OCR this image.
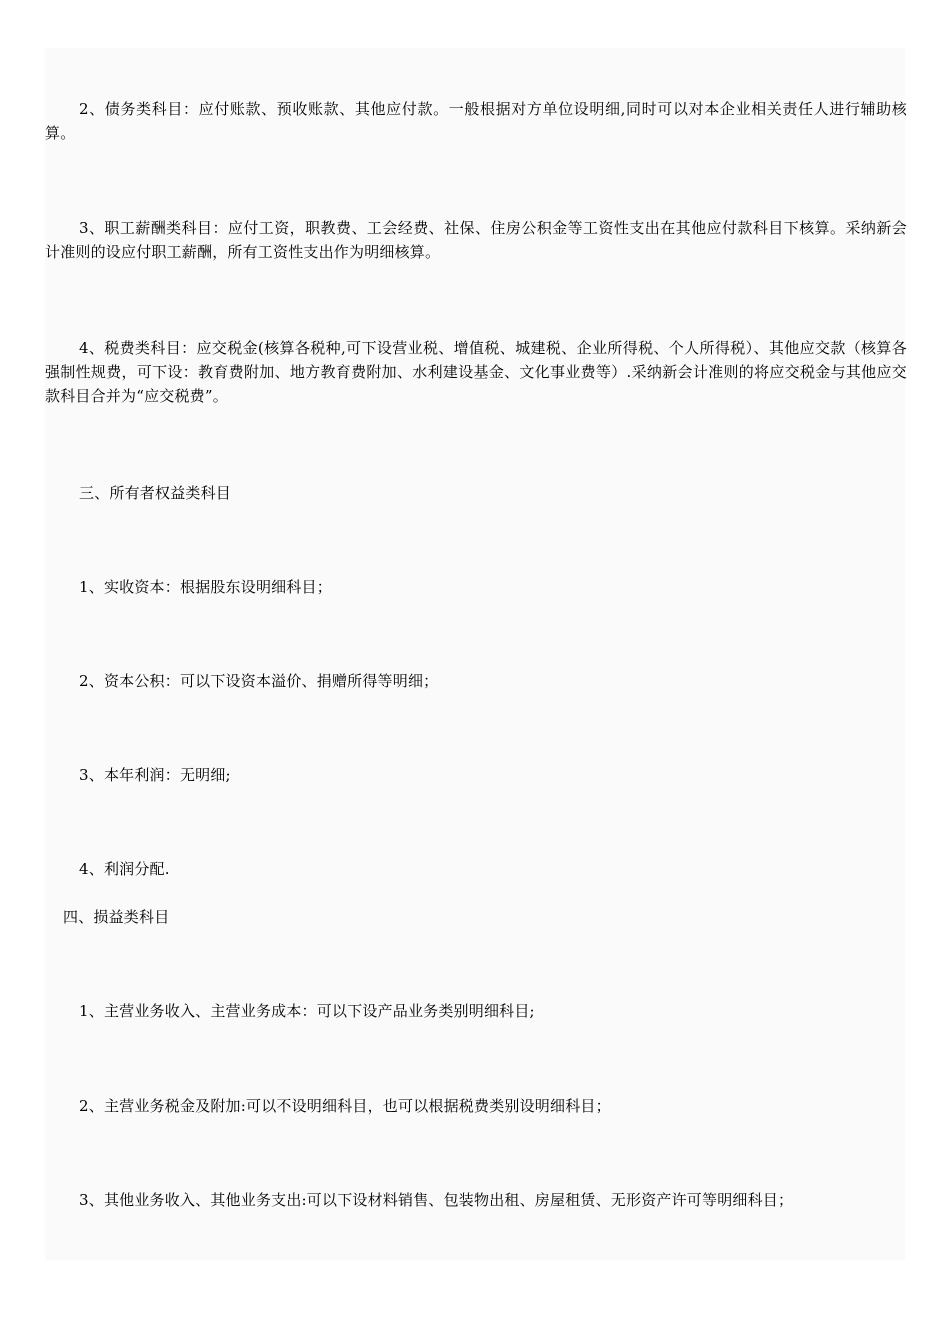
2、债务类科目：应付账款、预收账款、其他应付款。一般根据对方单位设明细,同时可以对本企业相关责任人进行辅助核算。

3、职工薪酬类科目：应付工资，职教费、工会经费、社保、住房公积金等工资性支出在其他应付款科目下核算。采纳新会计准则的设应付职工薪酬，所有工资性支出作为明细核算。

4、税费类科目：应交税金(核算各税种,可下设营业税、增值税、城建税、企业所得税、个人所得税）、其他应交款（核算各强制性规费，可下设：教育费附加、地方教育费附加、水利建设基金、文化事业费等）.采纳新会计准则的将应交税金与其他应交款科目合并为“应交税费”。

三、所有者权益类科目

1、实收资本：根据股东设明细科目；

2、资本公积：可以下设资本溢价、捐赠所得等明细；

3、本年利润：无明细;

4、利润分配.

四、损益类科目

1、主营业务收入、主营业务成本：可以下设产品业务类别明细科目;

2、主营业务税金及附加:可以不设明细科目，也可以根据税费类别设明细科目；

3、其他业务收入、其他业务支出:可以下设材料销售、包装物出租、房屋租赁、无形资产许可等明细科目；
